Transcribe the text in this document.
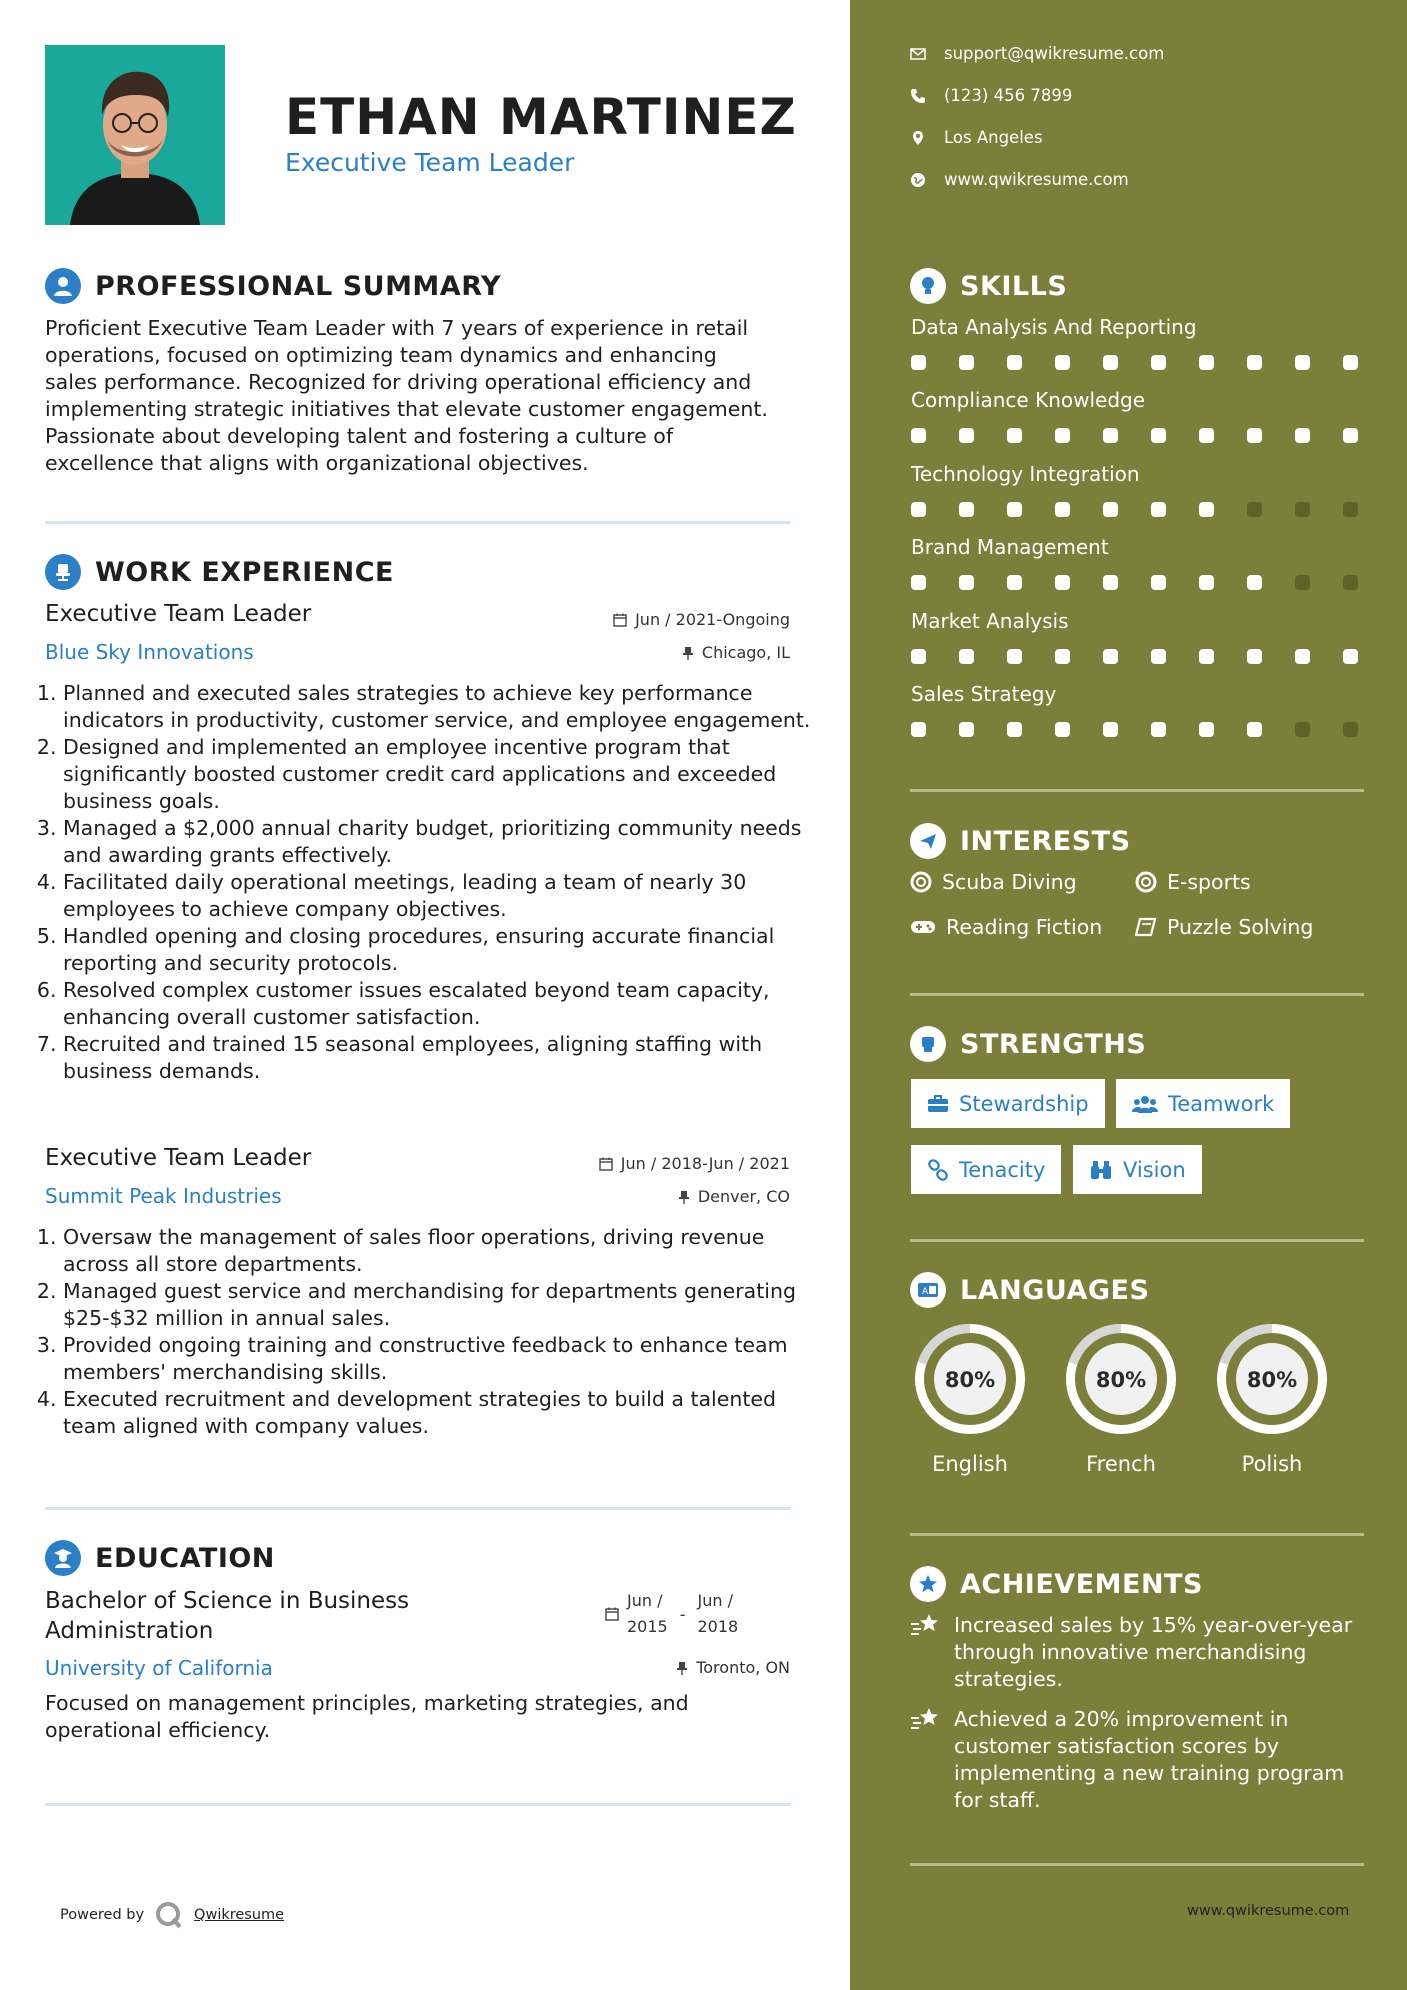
ETHAN MARTINEZ
Executive Team Leader
PROFESSIONAL SUMMARY
Proficient Executive Team Leader with 7 years of experience in retail
operations, focused on optimizing team dynamics and enhancing
sales performance. Recognized for driving operational efficiency and
implementing strategic initiatives that elevate customer engagement.
Passionate about developing talent and fostering a culture of
excellence that aligns with organizational objectives.
WORK EXPERIENCE
Executive Team Leader
Blue Sky Innovations
Jun / 2021-Ongoing
Chicago, IL
1. Planned and executed sales strategies to achieve key performance indicators in productivity, customer service, and employee engagement.
2. Designed and implemented an employee incentive program that significantly boosted customer credit card applications and exceeded business goals.
3. Managed a $2,000 annual charity budget, prioritizing community needs and awarding grants effectively.
4. Facilitated daily operational meetings, leading a team of nearly 30 employees to achieve company objectives.
5. Handled opening and closing procedures, ensuring accurate financial reporting and security protocols.
6. Resolved complex customer issues escalated beyond team capacity, enhancing overall customer satisfaction.
7. Recruited and trained 15 seasonal employees, aligning staffing with business demands.
Executive Team Leader
Summit Peak Industries
Jun / 2018-Jun / 2021
Denver, CO
1. Oversaw the management of sales floor operations, driving revenue across all store departments.
2. Managed guest service and merchandising for departments generating $25-$32 million in annual sales.
3. Provided ongoing training and constructive feedback to enhance team members' merchandising skills.
4. Executed recruitment and development strategies to build a talented team aligned with company values.
EDUCATION
Bachelor of Science in Business
Administration
University of California
Jun /
2015
-
Jun /
2018
Toronto, ON
Focused on management principles, marketing strategies, and
operational efficiency.
Powered by	Qwikresume
support@qwikresume.com
(123) 456 7899
Los Angeles
www.qwikresume.com
SKILLS
Data Analysis And Reporting
Compliance Knowledge
Technology Integration
Brand Management
Market Analysis
Sales Strategy
INTERESTS
Scuba Diving	E-sports
Reading Fiction	Puzzle Solving
STRENGTHS
Stewardship	Teamwork
Tenacity	Vision
A LANGUAGES
80%
English
80%
French
80%
Polish
ACHIEVEMENTS
Increased sales by 15% year-over-year
through innovative merchandising
strategies.
Achieved a 20% improvement in
customer satisfaction scores by
implementing a new training program
for staff.
www.qwikresume.com
